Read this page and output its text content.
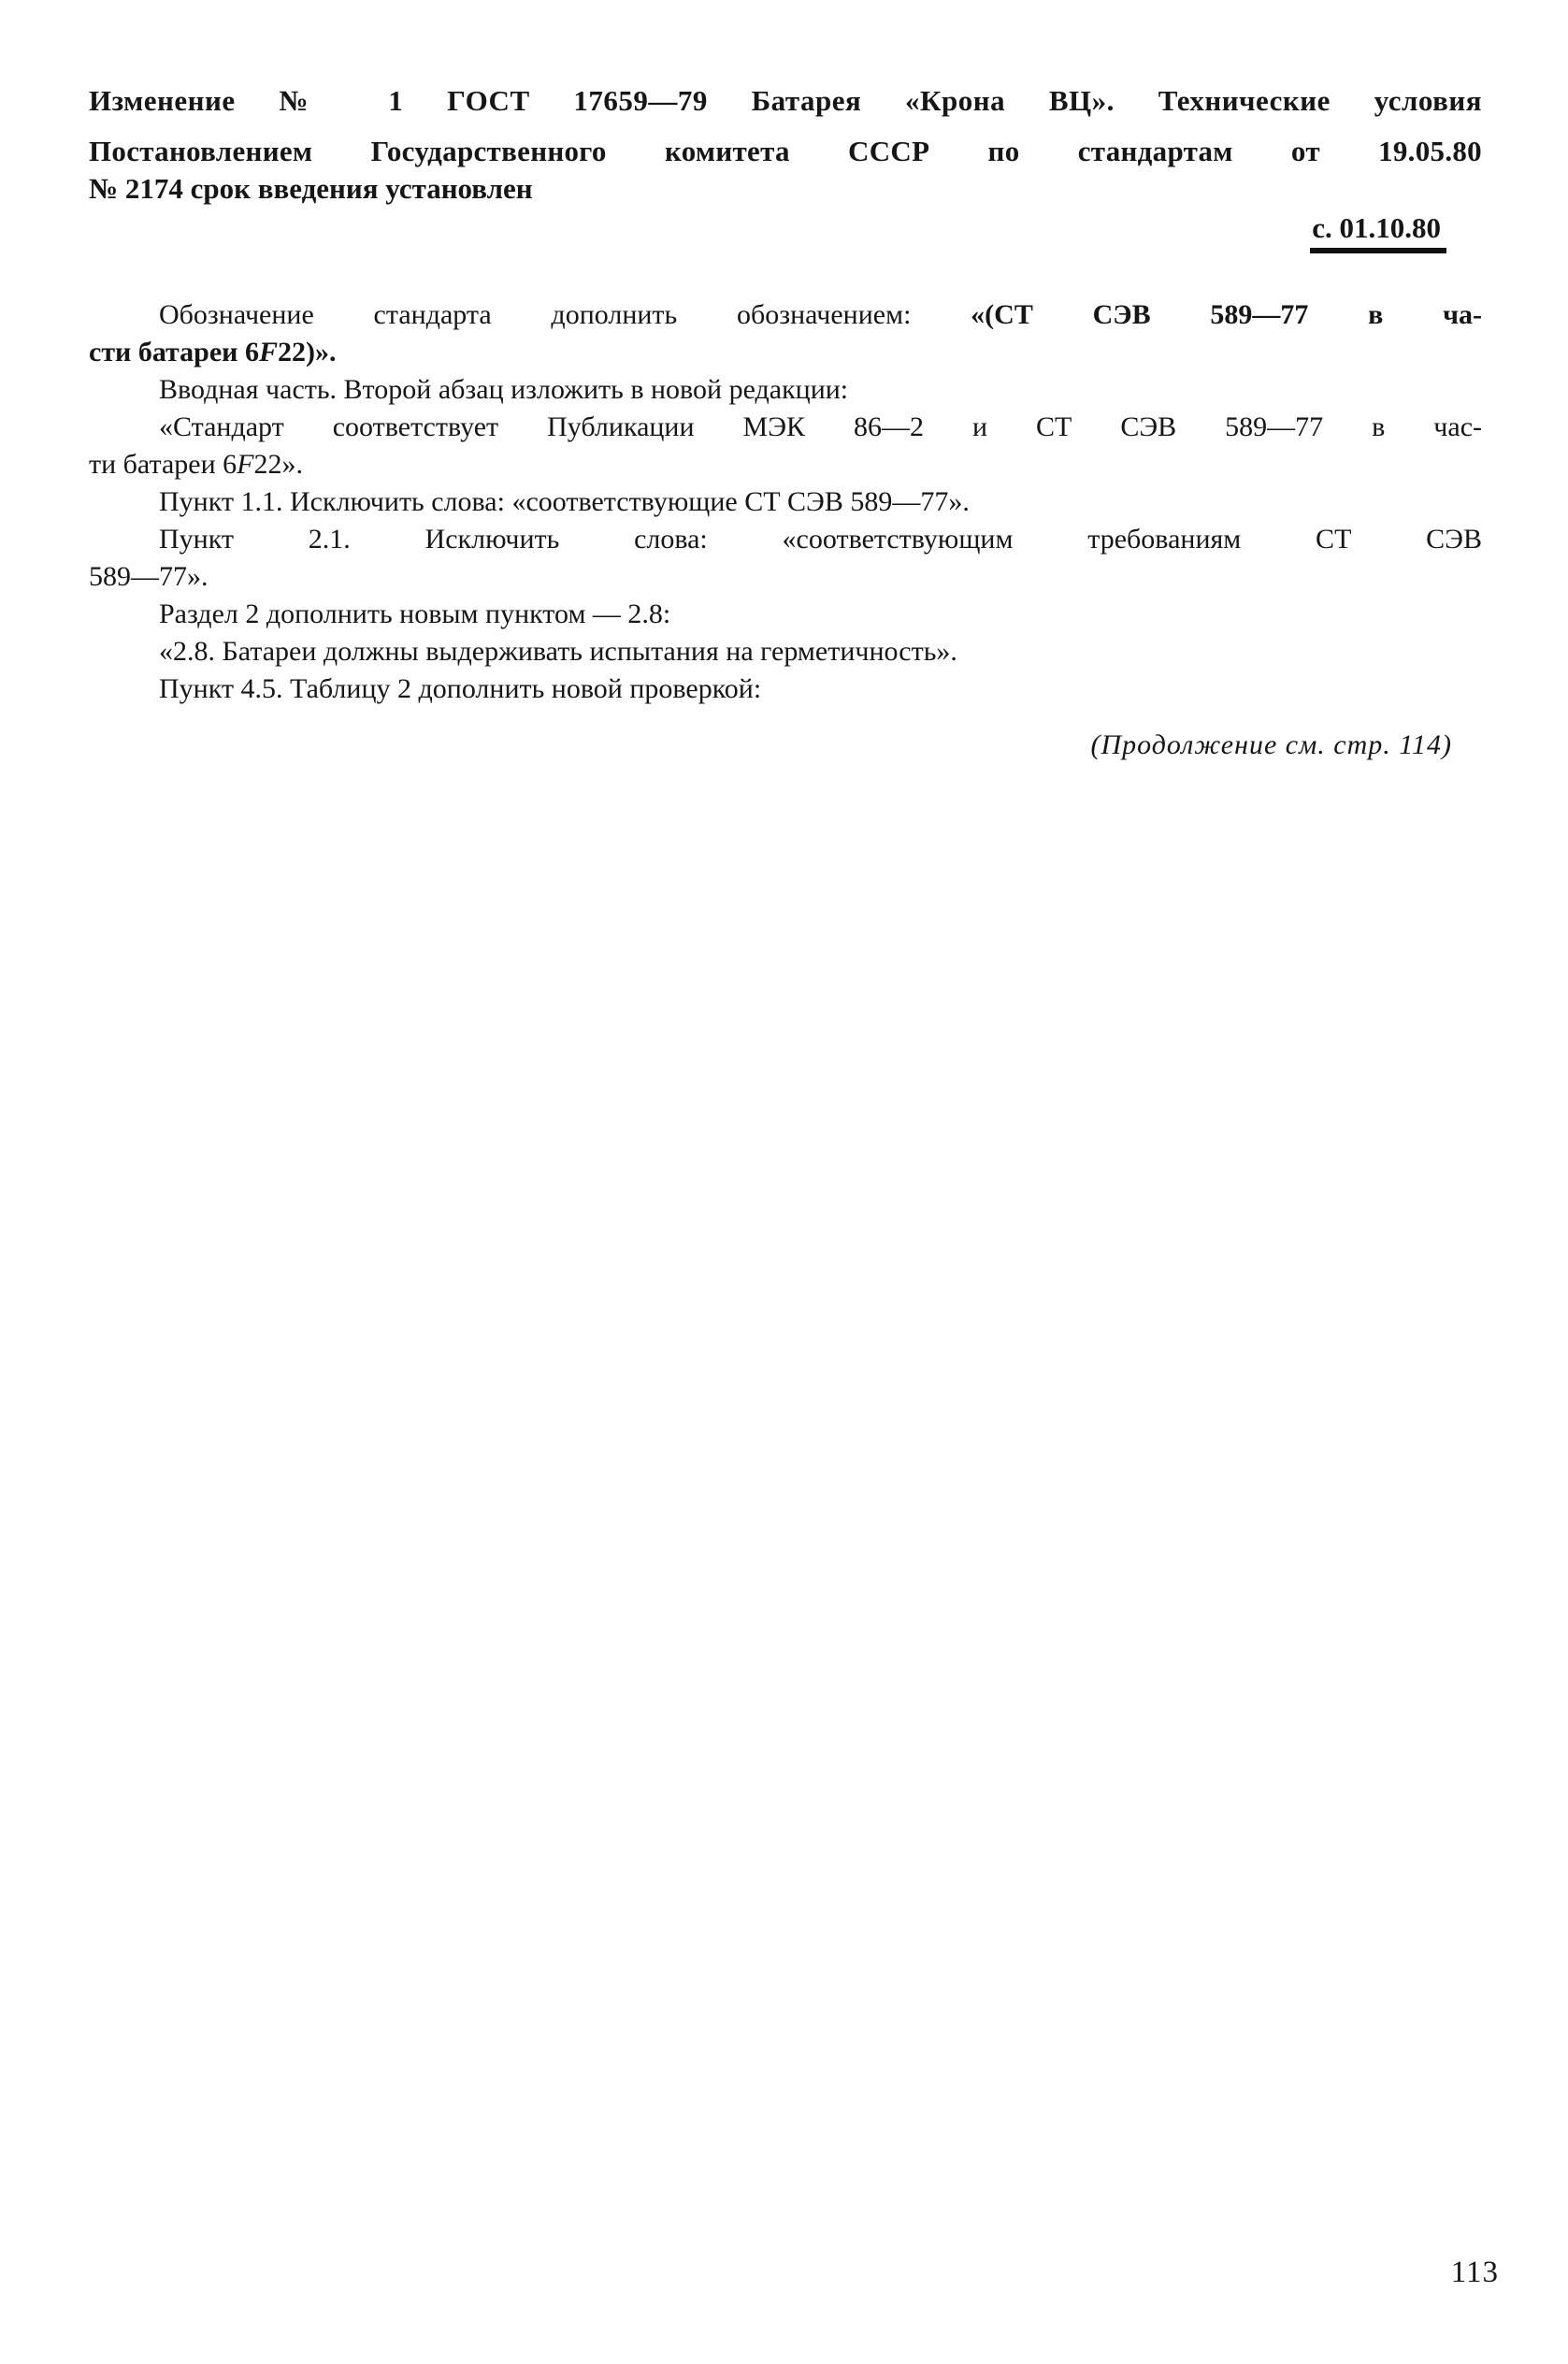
Изменение № 1 ГОСТ 17659—79 Батарея «Крона ВЦ». Технические условия

Постановлением Государственного комитета СССР по стандартам от 19.05.80

№ 2174 срок введения установлен

с. 01.10.80

Обозначение стандарта дополнить обозначением: «(СТ СЭВ 589—77 в ча-

сти батареи 6F22)».

Вводная часть. Второй абзац изложить в новой редакции:

«Стандарт соответствует Публикации МЭК 86—2 и СТ СЭВ 589—77 в час-

ти батареи 6F22».

Пункт 1.1. Исключить слова: «соответствующие СТ СЭВ 589—77».

Пункт 2.1. Исключить слова: «соответствующим требованиям СТ СЭВ

589—77».

Раздел 2 дополнить новым пунктом — 2.8:

«2.8. Батареи должны выдерживать испытания на герметичность».

Пункт 4.5. Таблицу 2 дополнить новой проверкой:

(Продолжение см. стр. 114)

113
